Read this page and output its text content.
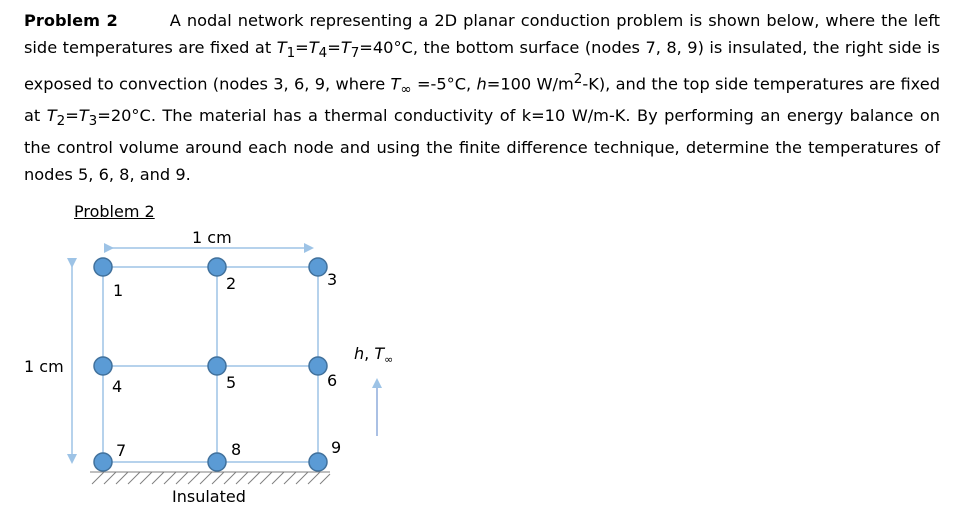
Problem 2	A nodal network representing a 2D planar conduction problem is shown below, where the left side temperatures are fixed at $T_1=T_4=T_7=40^\circ C$, the bottom surface (nodes 7, 8, 9) is insulated, the right side is exposed to convection (nodes 3, 6, 9, where $T_\infty =-5^\circ C$, h=100 $W/m^2-K$), and the top side temperatures are fixed at $T_2=T_3=20^\circ C$. The material has a thermal conductivity of k=10 W/m-K. By performing an energy balance on the control volume around each node and using the finite difference technique, determine the temperatures of nodes 5, 6, 8, and 9.
Problem 2
1 cm
1 cm
h, $T_\infty$
Insulated
1	2	3
4	5	6
7	8	9
